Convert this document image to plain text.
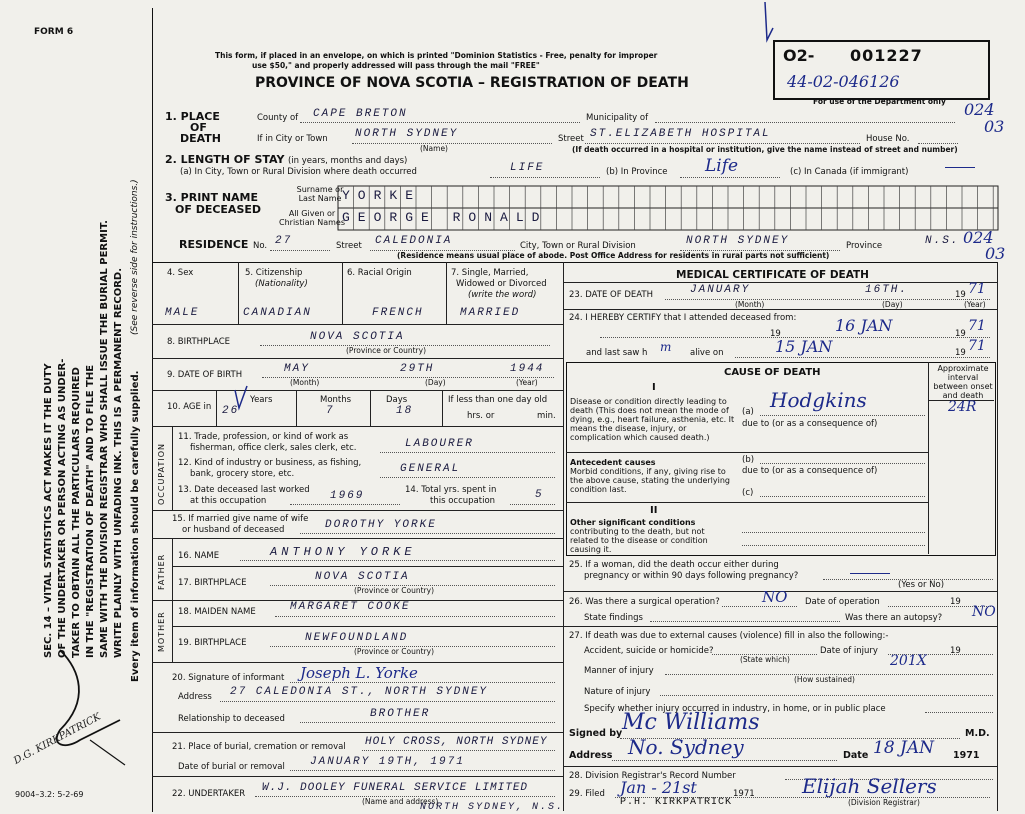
FORM 6
This form, if placed in an envelope, on which is printed "Dominion Statistics - Free, penalty for improper
use $50," and properly addressed will pass through the mail "FREE"
PROVINCE OF NOVA SCOTIA – REGISTRATION OF DEATH
O2- 001227
44-02-046126
For use of the Department only 024
03
SEC. 14 – VITAL STATISTICS ACT MAKES IT THE DUTY OF THE UNDERTAKER OR PERSON ACTING AS UNDER- TAKER TO OBTAIN ALL THE PARTICULARS REQUIRED IN THE "REGISTRATION OF DEATH" AND TO FILE THE SAME WITH THE DIVISION REGISTRAR WHO SHALL ISSUE THE BURIAL PERMIT. WRITE PLAINLY WITH UNFADING INK. THIS IS A PERMANENT RECORD. Every item of information should be carefully supplied.
(See reverse side for instructions.)
D.G. KIRKPATRICK
9004–3.2: 5-2-69
1. PLACE
OF
DEATH
County of CAPE BRETON	Municipality of
If in City or Town NORTH SYDNEY
(Name)
Street ST.ELIZABETH HOSPITAL	House No.
(If death occurred in a hospital or institution, give the name instead of street and number)
2. LENGTH OF STAY (in years, months and days)
(a) In City, Town or Rural Division where death occurred	LIFE	(b) In Province Life	(c) In Canada (if immigrant)
3. PRINT NAME
OF DECEASED
Surname or Last Name
All Given or Christian Names
YORKE
GEORGE RONALD
RESIDENCE No. 27	Street CALEDONIA	City, Town or Rural Division	NORTH SYDNEY	Province	N.S. 024
03
(Residence means usual place of abode. Post Office Address for residents in rural parts not sufficient)
4. Sex
MALE
5. Citizenship
(Nationality)
CANADIAN
6. Racial Origin
FRENCH
7. Single, Married,
Widowed or Divorced
(write the word)
MARRIED
8. BIRTHPLACE	NOVA SCOTIA
(Province or Country)
9. DATE OF BIRTH	MAY	29TH	1944
(Month)	(Day)	(Year)
10. AGE in
Years
26
Months
7
Days
18
If less than one day old
hrs. or	min.
OCCUPATION
11. Trade, profession, or kind of work as
fisherman, office clerk, sales clerk, etc.	LABOURER
12. Kind of industry or business, as fishing,
bank, grocery store, etc.	GENERAL
13. Date deceased last worked
at this occupation	1969	14. Total yrs. spent in
this occupation	5
15. If married give name of wife
or husband of deceased	DOROTHY YORKE
FATHER 16. NAME	ANTHONY YORKE
17. BIRTHPLACE	NOVA SCOTIA
(Province or Country)
MOTHER 18. MAIDEN NAME	MARGARET COOKE
19. BIRTHPLACE	NEWFOUNDLAND
(Province or Country)
20. Signature of informant Joseph L. Yorke
Address 27 CALEDONIA ST., NORTH SYDNEY
Relationship to deceased	BROTHER
21. Place of burial, cremation or removal HOLY CROSS, NORTH SYDNEY
Date of burial or removal JANUARY 19TH, 1971
22. UNDERTAKER W.J. DOOLEY FUNERAL SERVICE LIMITED
(Name and address)
NORTH SYDNEY, N.S.
MEDICAL CERTIFICATE OF DEATH
23. DATE OF DEATH	JANUARY	16TH.	19 71
(Month)	(Day)	(Year)
24. I HEREBY CERTIFY that I attended deceased from: 16 JAN
19	19 71
and last saw h m alive on	15 JAN	19 71
CAUSE OF DEATH
I
Approximate interval between onset and death
Disease or condition directly leading to death (This does not mean the mode of dying, e.g., heart failure, asthenia, etc. It means the disease, injury, or complication which caused death.)
(a) Hodgkins	24R
due to (or as a consequence of)
Antecedent causes
Morbid conditions, if any, giving rise to the above cause, stating the underlying condition last.
(b)
due to (or as a consequence of)
(c)
II
Other significant conditions
contributing to the death, but not related to the disease or condition causing it.
25. If a woman, did the death occur either during
pregnancy or within 90 days following pregnancy?
(Yes or No)
26. Was there a surgical operation?	NO Date of operation	19
State findings	Was there an autopsy? NO
27. If death was due to external causes (violence) fill in also the following:-
Accident, suicide or homicide?
(State which)
Date of injury	19
201X
Manner of injury
(How sustained)
Nature of injury
Specify whether injury occurred in industry, in home, or in public place
Signed by Mc Williams	M.D.
Address No. Sydney	Date 18 JAN 1971
28. Division Registrar's Record Number
29. Filed Jan - 21st	1971 Elijah Sellers
(Division Registrar)
P.H. KIRKPATRICK
